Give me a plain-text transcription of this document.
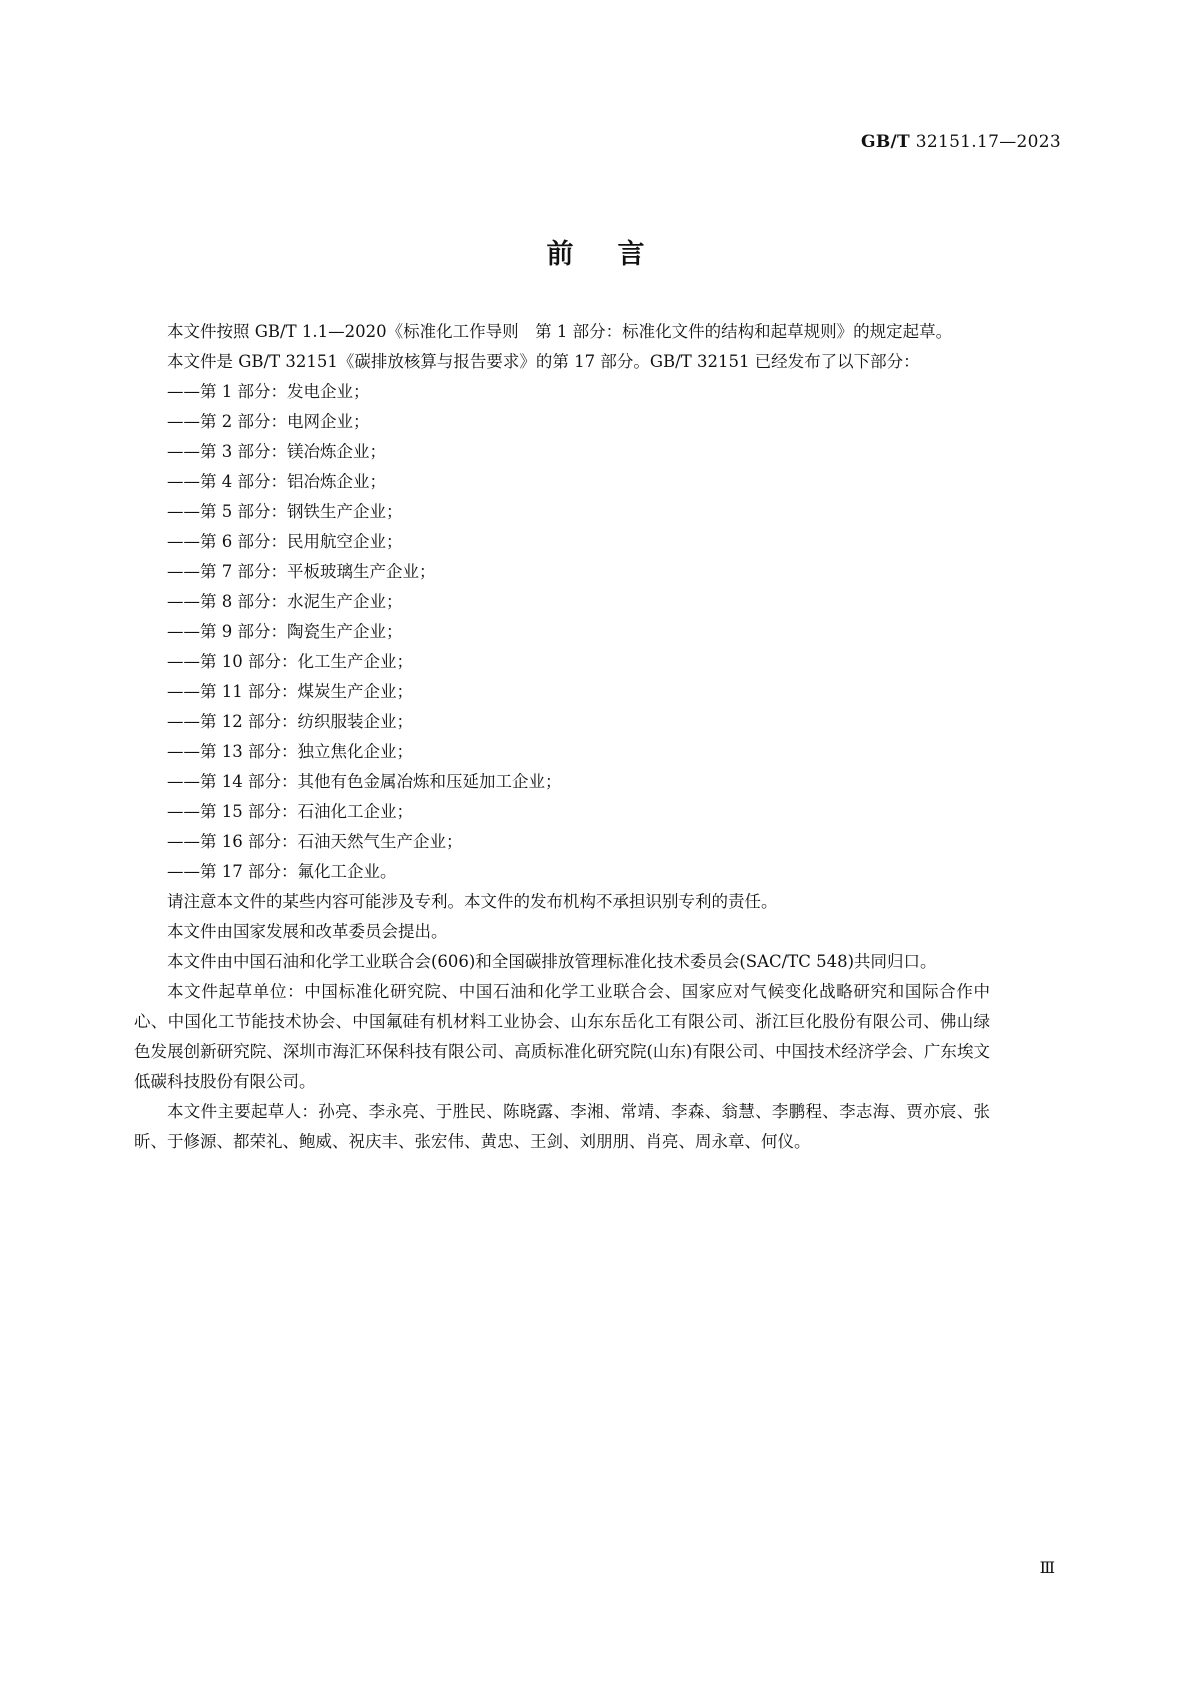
GB/T 32151.17—2023
前言

本文件按照 GB/T 1.1—2020《标准化工作导则　第 1 部分：标准化文件的结构和起草规则》的规定起草。

本文件是 GB/T 32151《碳排放核算与报告要求》的第 17 部分。GB/T 32151 已经发布了以下部分：

——第 1 部分：发电企业；

——第 2 部分：电网企业；

——第 3 部分：镁冶炼企业；

——第 4 部分：铝冶炼企业；

——第 5 部分：钢铁生产企业；

——第 6 部分：民用航空企业；

——第 7 部分：平板玻璃生产企业；

——第 8 部分：水泥生产企业；

——第 9 部分：陶瓷生产企业；

——第 10 部分：化工生产企业；

——第 11 部分：煤炭生产企业；

——第 12 部分：纺织服装企业；

——第 13 部分：独立焦化企业；

——第 14 部分：其他有色金属冶炼和压延加工企业；

——第 15 部分：石油化工企业；

——第 16 部分：石油天然气生产企业；

——第 17 部分：氟化工企业。

请注意本文件的某些内容可能涉及专利。本文件的发布机构不承担识别专利的责任。

本文件由国家发展和改革委员会提出。

本文件由中国石油和化学工业联合会(606)和全国碳排放管理标准化技术委员会(SAC/TC 548)共同归口。

本文件起草单位：中国标准化研究院、中国石油和化学工业联合会、国家应对气候变化战略研究和国际合作中心、中国化工节能技术协会、中国氟硅有机材料工业协会、山东东岳化工有限公司、浙江巨化股份有限公司、佛山绿色发展创新研究院、深圳市海汇环保科技有限公司、高质标准化研究院(山东)有限公司、中国技术经济学会、广东埃文低碳科技股份有限公司。

本文件主要起草人：孙亮、李永亮、于胜民、陈晓露、李湘、常靖、李森、翁慧、李鹏程、李志海、贾亦宸、张昕、于修源、都荣礼、鲍威、祝庆丰、张宏伟、黄忠、王剑、刘朋朋、肖亮、周永章、何仪。

Ⅲ
